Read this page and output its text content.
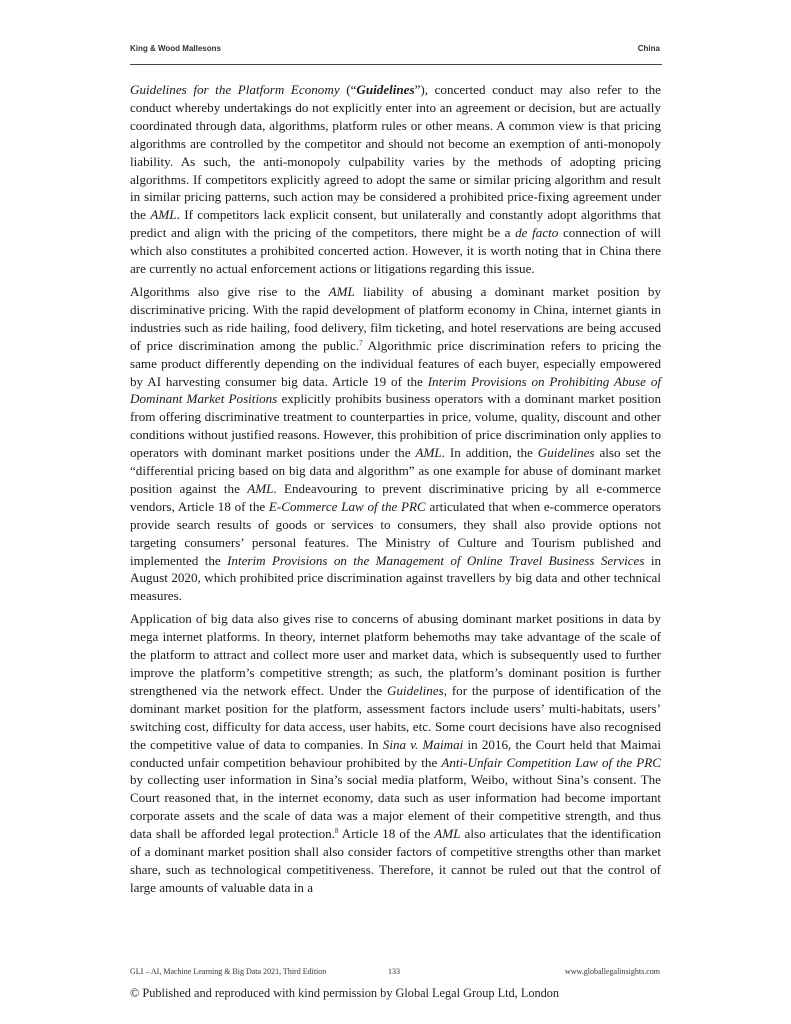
King & Wood Mallesons	China

Guidelines for the Platform Economy (“Guidelines”), concerted conduct may also refer to the conduct whereby undertakings do not explicitly enter into an agreement or decision, but are actually coordinated through data, algorithms, platform rules or other means. A common view is that pricing algorithms are controlled by the competitor and should not become an exemption of anti-monopoly liability. As such, the anti-monopoly culpability varies by the methods of adopting pricing algorithms. If competitors explicitly agreed to adopt the same or similar pricing algorithm and result in similar pricing patterns, such action may be considered a prohibited price-fixing agreement under the AML. If competitors lack explicit consent, but unilaterally and constantly adopt algorithms that predict and align with the pricing of the competitors, there might be a de facto connection of will which also constitutes a prohibited concerted action. However, it is worth noting that in China there are currently no actual enforcement actions or litigations regarding this issue.

Algorithms also give rise to the AML liability of abusing a dominant market position by discriminative pricing. With the rapid development of platform economy in China, internet giants in industries such as ride hailing, food delivery, film ticketing, and hotel reservations are being accused of price discrimination among the public.$^7$ Algorithmic price discrimination refers to pricing the same product differently depending on the individual features of each buyer, especially empowered by AI harvesting consumer big data. Article 19 of the Interim Provisions on Prohibiting Abuse of Dominant Market Positions explicitly prohibits business operators with a dominant market position from offering discriminative treatment to counterparties in price, volume, quality, discount and other conditions without justified reasons. However, this prohibition of price discrimination only applies to operators with dominant market positions under the AML. In addition, the Guidelines also set the “differential pricing based on big data and algorithm” as one example for abuse of dominant market position against the AML. Endeavouring to prevent discriminative pricing by all e-commerce vendors, Article 18 of the E-Commerce Law of the PRC articulated that when e-commerce operators provide search results of goods or services to consumers, they shall also provide options not targeting consumers’ personal features. The Ministry of Culture and Tourism published and implemented the Interim Provisions on the Management of Online Travel Business Services in August 2020, which prohibited price discrimination against travellers by big data and other technical measures.

Application of big data also gives rise to concerns of abusing dominant market positions in data by mega internet platforms. In theory, internet platform behemoths may take advantage of the scale of the platform to attract and collect more user and market data, which is subsequently used to further improve the platform’s competitive strength; as such, the platform’s dominant position is further strengthened via the network effect. Under the Guidelines, for the purpose of identification of the dominant market position for the platform, assessment factors include users’ multi-habitats, users’ switching cost, difficulty for data access, user habits, etc. Some court decisions have also recognised the competitive value of data to companies. In Sina v. Maimai in 2016, the Court held that Maimai conducted unfair competition behaviour prohibited by the Anti-Unfair Competition Law of the PRC by collecting user information in Sina’s social media platform, Weibo, without Sina’s consent. The Court reasoned that, in the internet economy, data such as user information had become important corporate assets and the scale of data was a major element of their competitive strength, and thus data shall be afforded legal protection.$^8$ Article 18 of the AML also articulates that the identification of a dominant market position shall also consider factors of competitive strengths other than market share, such as technological competitiveness. Therefore, it cannot be ruled out that the control of large amounts of valuable data in a

GLI – AI, Machine Learning & Big Data 2021, Third Edition	133	www.globallegalinsights.com
© Published and reproduced with kind permission by Global Legal Group Ltd, London
